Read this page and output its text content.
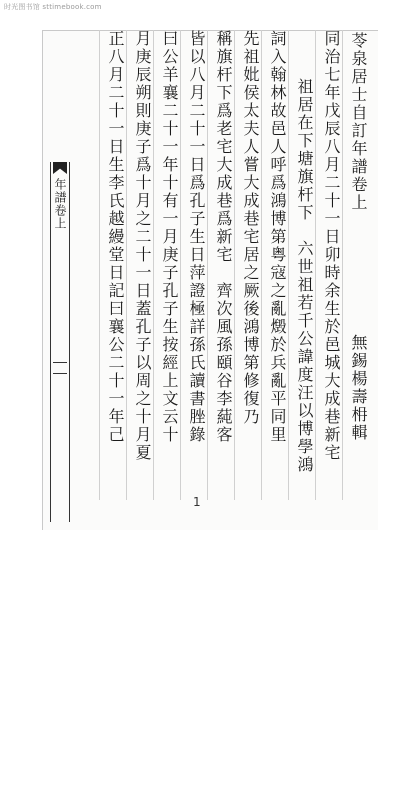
时光图书馆 sttimebook.com
年譜卷上	苓泉居士自訂年譜卷上
無錫楊壽枏輯
同治七年戊辰八月二十一日卯時余生於邑城大成巷新宅
祖居在下塘旗杆下　六世祖若千公諱度汪以博學鴻
詞入翰林故邑人呼爲鴻博第粤寇之亂燬於兵亂平同里
先祖妣侯太夫人嘗大成巷宅居之厥後鴻博第修復乃
稱旗杆下爲老宅大成巷爲新宅　齊次風孫頤谷李蒓客
皆以八月二十一日爲孔子生日萍證極詳孫氏讀書脞錄
曰公羊襄二十一年十有一月庚子孔子生按經上文云十
月庚辰朔則庚子爲十月之二十一日蓋孔子以周之十月夏
正八月二十一日生李氏越縵堂日記曰襄公二十一年己
1
